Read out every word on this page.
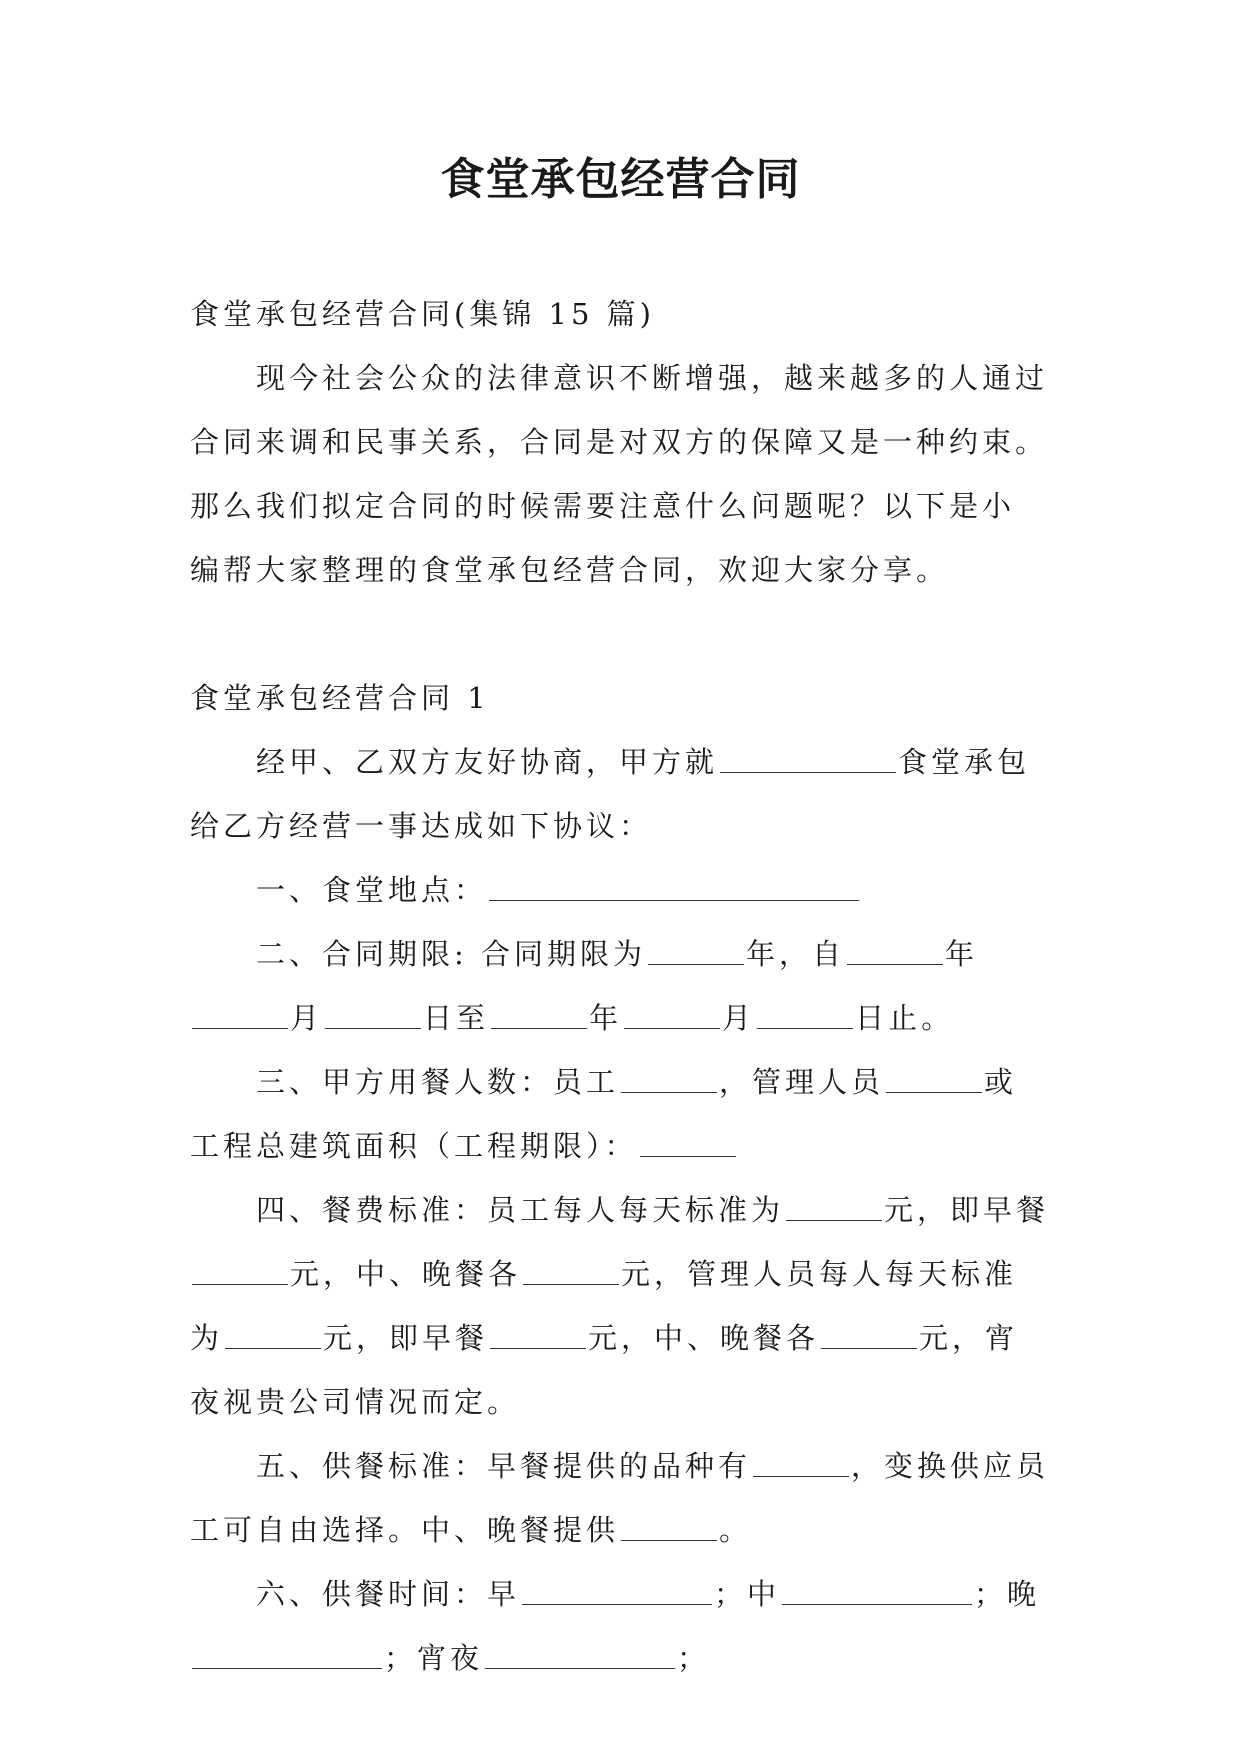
食堂承包经营合同

食堂承包经营合同(集锦 15 篇)

现今社会公众的法律意识不断增强，越来越多的人通过
合同来调和民事关系，合同是对双方的保障又是一种约束。
那么我们拟定合同的时候需要注意什么问题呢？以下是小
编帮大家整理的食堂承包经营合同，欢迎大家分享。

食堂承包经营合同 1

经甲、乙双方友好协商，甲方就	食堂承包给乙方经营一事达成如下协议：

一、食堂地点：

二、合同期限: 合同期限为	年，自	年月	日至	年	月	日止。

三、甲方用餐人数：员工	，管理人员	或工程总建筑面积（工程期限）：

四、餐费标准：员工每人每天标准为	元，即早餐元，中、晚餐各	元，管理人员每人每天标准为	元，即早餐	元，中、晚餐各	元，宵夜视贵公司情况而定。

五、供餐标准：早餐提供的品种有	，变换供应员工可自由选择。中、晚餐提供	。

六、供餐时间：早	；中	；晚；宵夜	；
